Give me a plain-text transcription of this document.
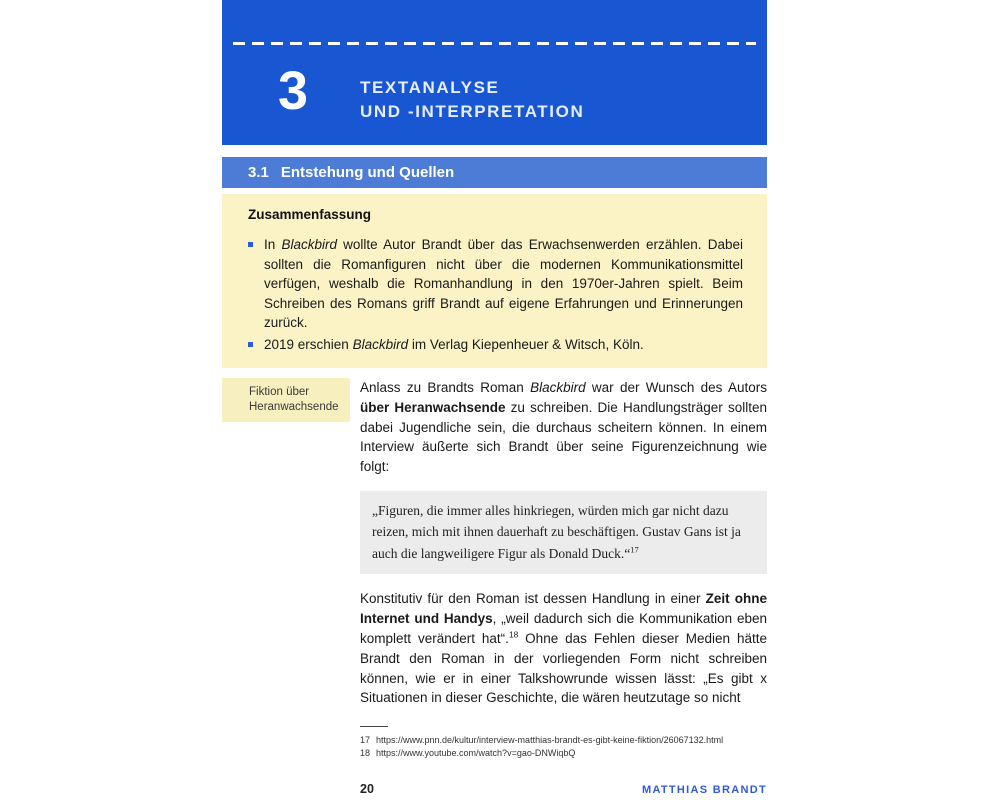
3	TEXTANALYSE
UND -INTERPRETATION
3.1 Entstehung und Quellen
Zusammenfassung

In Blackbird wollte Autor Brandt über das Erwachsenwerden erzählen. Dabei sollten die Romanfiguren nicht über die modernen Kommunikationsmittel verfügen, weshalb die Romanhandlung in den 1970er-Jahren spielt. Beim Schreiben des Romans griff Brandt auf eigene Erfahrungen und Erinnerungen zurück.

2019 erschien Blackbird im Verlag Kiepenheuer & Witsch, Köln.

Fiktion über Heranwachsende

Anlass zu Brandts Roman Blackbird war der Wunsch des Autors über Heranwachsende zu schreiben. Die Handlungsträger sollten dabei Jugendliche sein, die durchaus scheitern können. In einem Interview äußerte sich Brandt über seine Figurenzeichnung wie folgt:

„Figuren, die immer alles hinkriegen, würden mich gar nicht dazu reizen, mich mit ihnen dauerhaft zu beschäftigen. Gustav Gans ist ja auch die langweiligere Figur als Donald Duck.“$^{17}$

Konstitutiv für den Roman ist dessen Handlung in einer Zeit ohne Internet und Handys, „weil dadurch sich die Kommunikation eben komplett verändert hat“.$^{18}$ Ohne das Fehlen dieser Medien hätte Brandt den Roman in der vorliegenden Form nicht schreiben können, wie er in einer Talkshowrunde wissen lässt: „Es gibt x Situationen in dieser Geschichte, die wären heutzutage so nicht

17 https://www.pnn.de/kultur/interview-matthias-brandt-es-gibt-keine-fiktion/26067132.html
18 https://www.youtube.com/watch?v=gao-DNWiqbQ
20	MATTHIAS BRANDT
